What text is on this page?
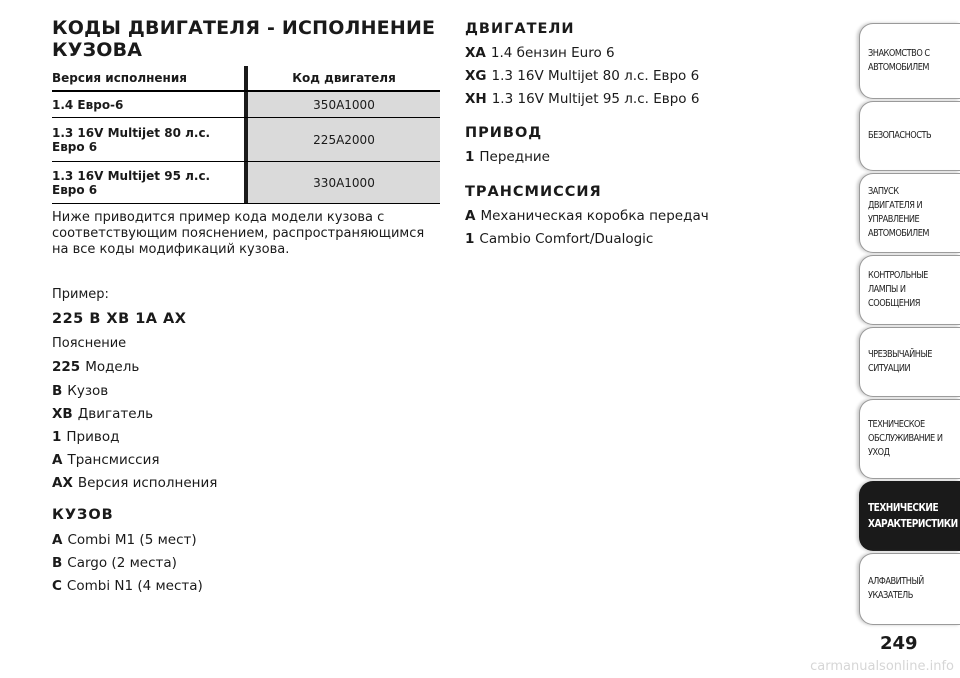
КОДЫ ДВИГАТЕЛЯ - ИСПОЛНЕНИЕ КУЗОВА
Версия исполнения	Код двигателя
1.4 Евро-6	350A1000
1.3 16V Multijet 80 л.с. Евро 6
225A2000
1.3 16V Multijet 95 л.с. Евро 6
330A1000
Ниже приводится пример кода модели кузова с соответствующим пояснением, распространяющимся на все коды модификаций кузова.
Пример:
225 B XB 1A AX
Пояснение
225 Модель
B Кузов
XB Двигатель
1 Привод
A Трансмиссия
AX Версия исполнения
КУЗОВ
A Combi M1 (5 мест)
B Cargo (2 места)
C Combi N1 (4 места)
ДВИГАТЕЛИ
XA 1.4 бензин Euro 6
XG 1.3 16V Multijet 80 л.с. Евро 6
XH 1.3 16V Multijet 95 л.с. Евро 6
ПРИВОД
1 Передние
ТРАНСМИССИЯ
A Механическая коробка передач
1 Cambio Comfort/Dualogic
ЗНАКОМСТВО С АВТОМОБИЛЕМ
БЕЗОПАСНОСТЬ
ЗАПУСК ДВИГАТЕЛЯ И УПРАВЛЕНИЕ АВТОМОБИЛЕМ
КОНТРОЛЬНЫЕ ЛАМПЫ И СООБЩЕНИЯ
ЧРЕЗВЫЧАЙНЫЕ СИТУАЦИИ
ТЕХНИЧЕСКОЕ ОБСЛУЖИВАНИЕ И УХОД
ТЕХНИЧЕСКИЕ ХАРАКТЕРИСТИКИ
АЛФАВИТНЫЙ УКАЗАТЕЛЬ
249
carmanualsonline.info
